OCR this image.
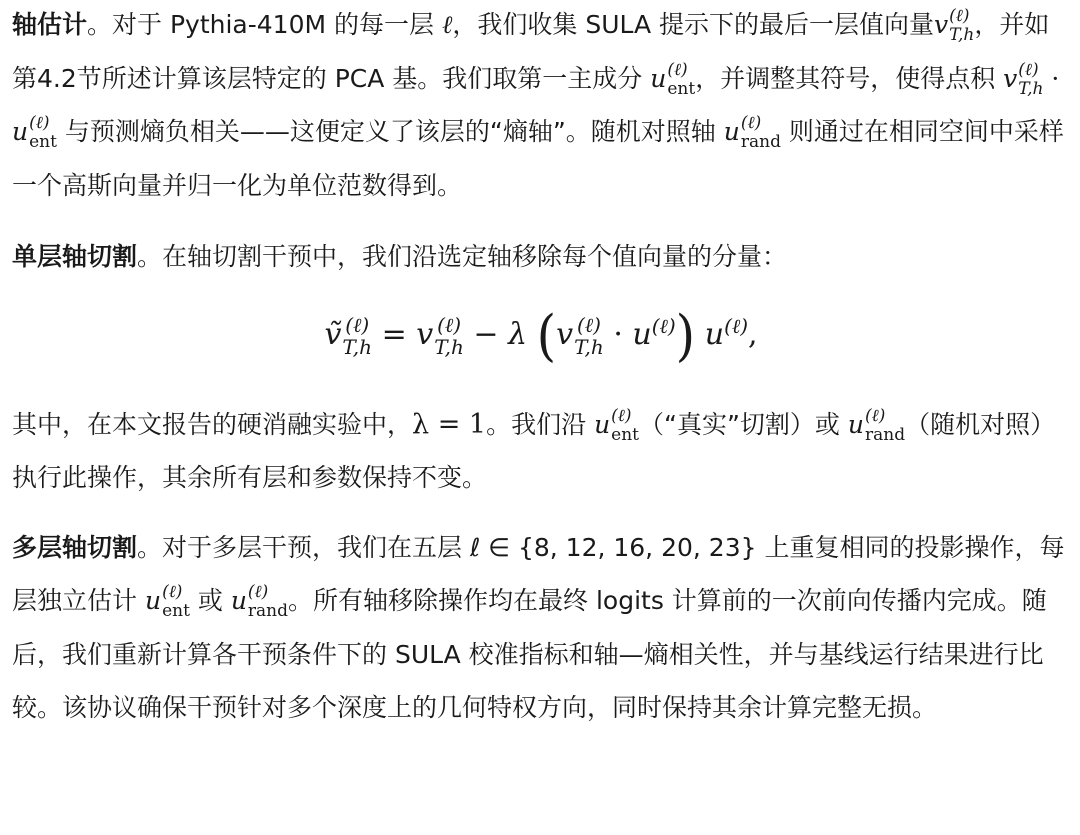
轴估计。对于 Pythia-410M 的每一层 ℓ，我们收集 SULA 提示下的最后一层值向量v (ℓ)
T,h ，并如第4.2节所述计算该层特定的 PCA 基。我们取第一主成分 u (ℓ)
ent ，并调整其符号，使得点积 v (ℓ)
T,h · u (ℓ)
ent 与预测熵负相关——这便定义了该层的“熵轴”。随机对照轴 u (ℓ)
rand 则通过在相同空间中采样一个高斯向量并归一化为单位范数得到。

单层轴切割。在轴切割干预中，我们沿选定轴移除每个值向量的分量：

ṽ (ℓ)
T,h = v (ℓ)
T,h − λ (v (ℓ)
$T,h \cdot u^{(\ell)}$) $u^{(\ell)}$,

其中，在本文报告的硬消融实验中，λ = 1。我们沿 u (ℓ)
ent （“真实”切割）或 u (ℓ)
rand （随机对照）执行此操作，其余所有层和参数保持不变。

多层轴切割。对于多层干预，我们在五层 ℓ ∈ {8, 12, 16, 20, 23} 上重复相同的投影操作，每层独立估计 u (ℓ)
ent 或 u (ℓ)
rand 。所有轴移除操作均在最终 logits 计算前的一次前向传播内完成。随后，我们重新计算各干预条件下的 SULA 校准指标和轴—熵相关性，并与基线运行结果进行比较。该协议确保干预针对多个深度上的几何特权方向，同时保持其余计算完整无损。
